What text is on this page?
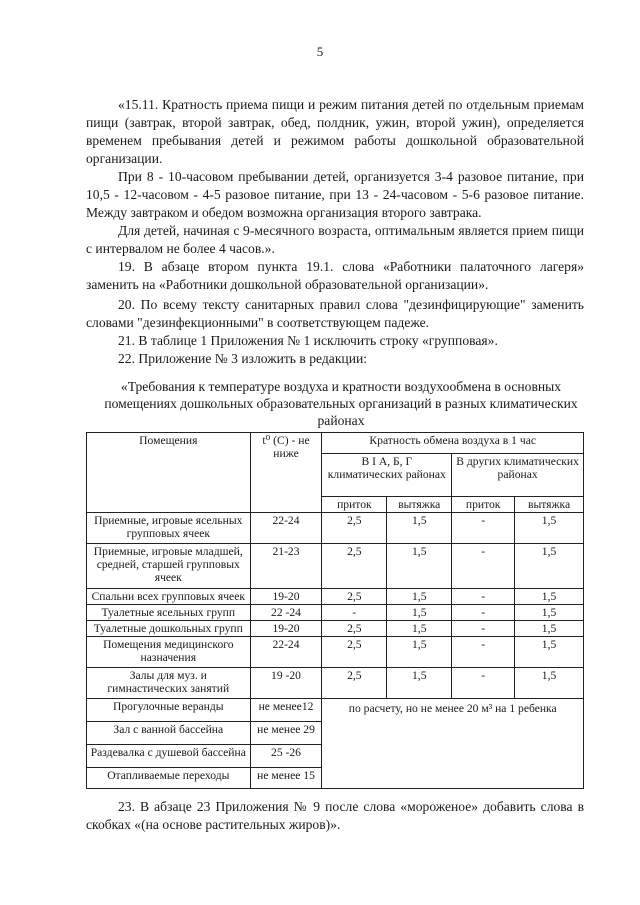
5

«15.11. Кратность приема пищи и режим питания детей по отдельным приемам пищи (завтрак, второй завтрак, обед, полдник, ужин, второй ужин), определяется временем пребывания детей и режимом работы дошкольной образовательной организации.

При 8 - 10-часовом пребывании детей, организуется 3-4 разовое питание, при 10,5 - 12-часовом - 4-5 разовое питание, при 13 - 24-часовом - 5-6 разовое питание. Между завтраком и обедом возможна организация второго завтрака.

Для детей, начиная с 9-месячного возраста, оптимальным является прием пищи с интервалом не более 4 часов.».

19. В абзаце втором пункта 19.1. слова «Работники палаточного лагеря» заменить на «Работники дошкольной образовательной организации».

20. По всему тексту санитарных правил слова "дезинфицирующие" заменить словами "дезинфекционными" в соответствующем падеже.

21. В таблице 1 Приложения № 1 исключить строку «групповая».

22. Приложение № 3 изложить в редакции:

«Требования к температуре воздуха и кратности воздухообмена в основных помещениях дошкольных образовательных организаций в разных климатических районах
Помещения	t⁰ (С) - не ниже	Кратность обмена воздуха в 1 час			
		В I А, Б, Г климатических районах		В других климатических районах	
		приток	вытяжка	приток	вытяжка
Приемные, игровые ясельных групповых ячеек	22-24	2,5	1,5	-	1,5
Приемные, игровые младшей, средней, старшей групповых ячеек	21-23	2,5	1,5	-	1,5
Спальни всех групповых ячеек	19-20	2,5	1,5	-	1,5
Туалетные ясельных групп	22 -24	-	1,5	-	1,5
Туалетные дошкольных групп	19-20	2,5	1,5	-	1,5
Помещения медицинского назначения	22-24	2,5	1,5	-	1,5
Залы для муз. и гимнастических занятий	19 -20	2,5	1,5	-	1,5
Прогулочные веранды	не менее12	по расчету, но не менее 20 м³ на 1 ребенка			
Зал с ванной бассейна	не менее 29				
Раздевалка с душевой бассейна	25 -26				
Отапливаемые переходы	не менее 15				

23. В абзаце 23 Приложения № 9 после слова «мороженое» добавить слова в скобках «(на основе растительных жиров)».
